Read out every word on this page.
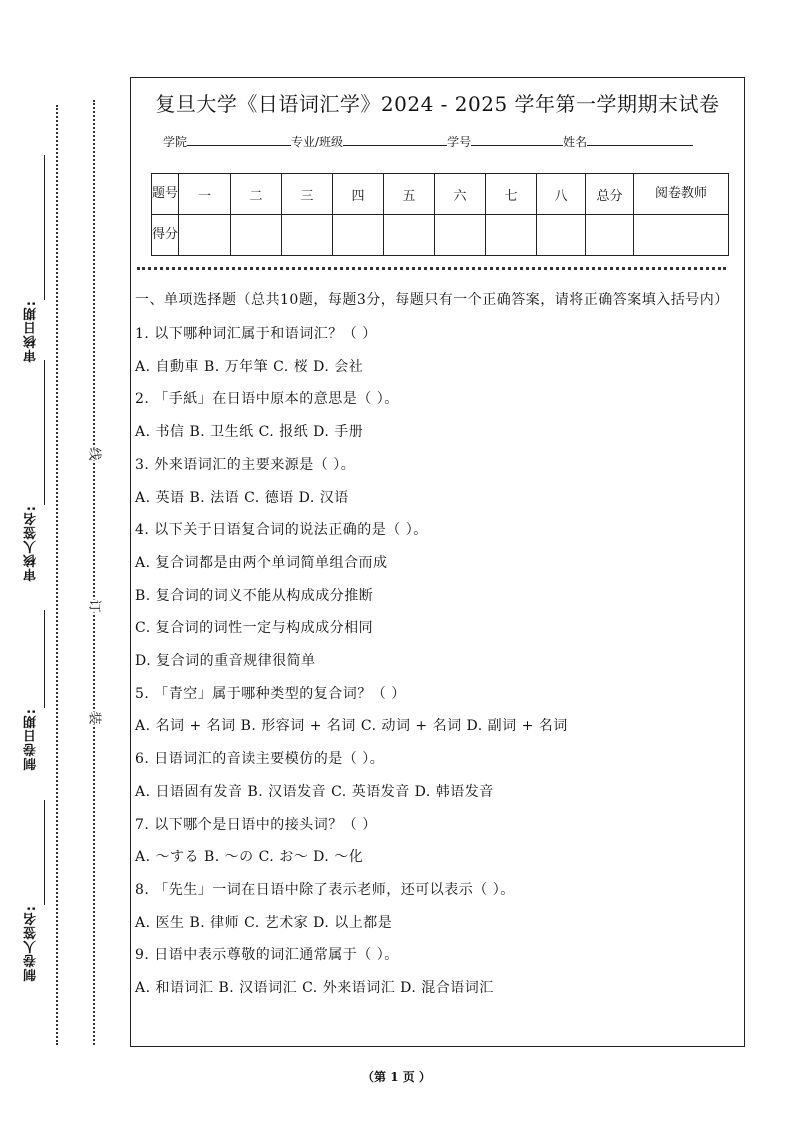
审核日期:
审核人签名:
制卷日期:
制卷人签名:
线
订
装
复旦大学《日语词汇学》2024 - 2025 学年第一学期期末试卷
学院	专业/班级	学号	姓名
题号	一	二	三	四	五	六	七	八	总分	阅卷教师
得分										

一、单项选择题（总共10题，每题3分，每题只有一个正确答案，请将正确答案填入括号内）

1. 以下哪种词汇属于和语词汇？（ ）

A. 自動車 B. 万年筆 C. 桜 D. 会社

2. 「手紙」在日语中原本的意思是（ ）。

A. 书信 B. 卫生纸 C. 报纸 D. 手册

3. 外来语词汇的主要来源是（ ）。

A. 英语 B. 法语 C. 德语 D. 汉语

4. 以下关于日语复合词的说法正确的是（ ）。

A. 复合词都是由两个单词简单组合而成

B. 复合词的词义不能从构成成分推断

C. 复合词的词性一定与构成成分相同

D. 复合词的重音规律很简单

5. 「青空」属于哪种类型的复合词？（ ）

A. 名词 + 名词 B. 形容词 + 名词 C. 动词 + 名词 D. 副词 + 名词

6. 日语词汇的音读主要模仿的是（ ）。

A. 日语固有发音 B. 汉语发音 C. 英语发音 D. 韩语发音

7. 以下哪个是日语中的接头词？（ ）

A. ～する B. ～の C. お～ D. ～化

8. 「先生」一词在日语中除了表示老师，还可以表示（ ）。

A. 医生 B. 律师 C. 艺术家 D. 以上都是

9. 日语中表示尊敬的词汇通常属于（ ）。

A. 和语词汇 B. 汉语词汇 C. 外来语词汇 D. 混合语词汇

（第 1 页 ）
